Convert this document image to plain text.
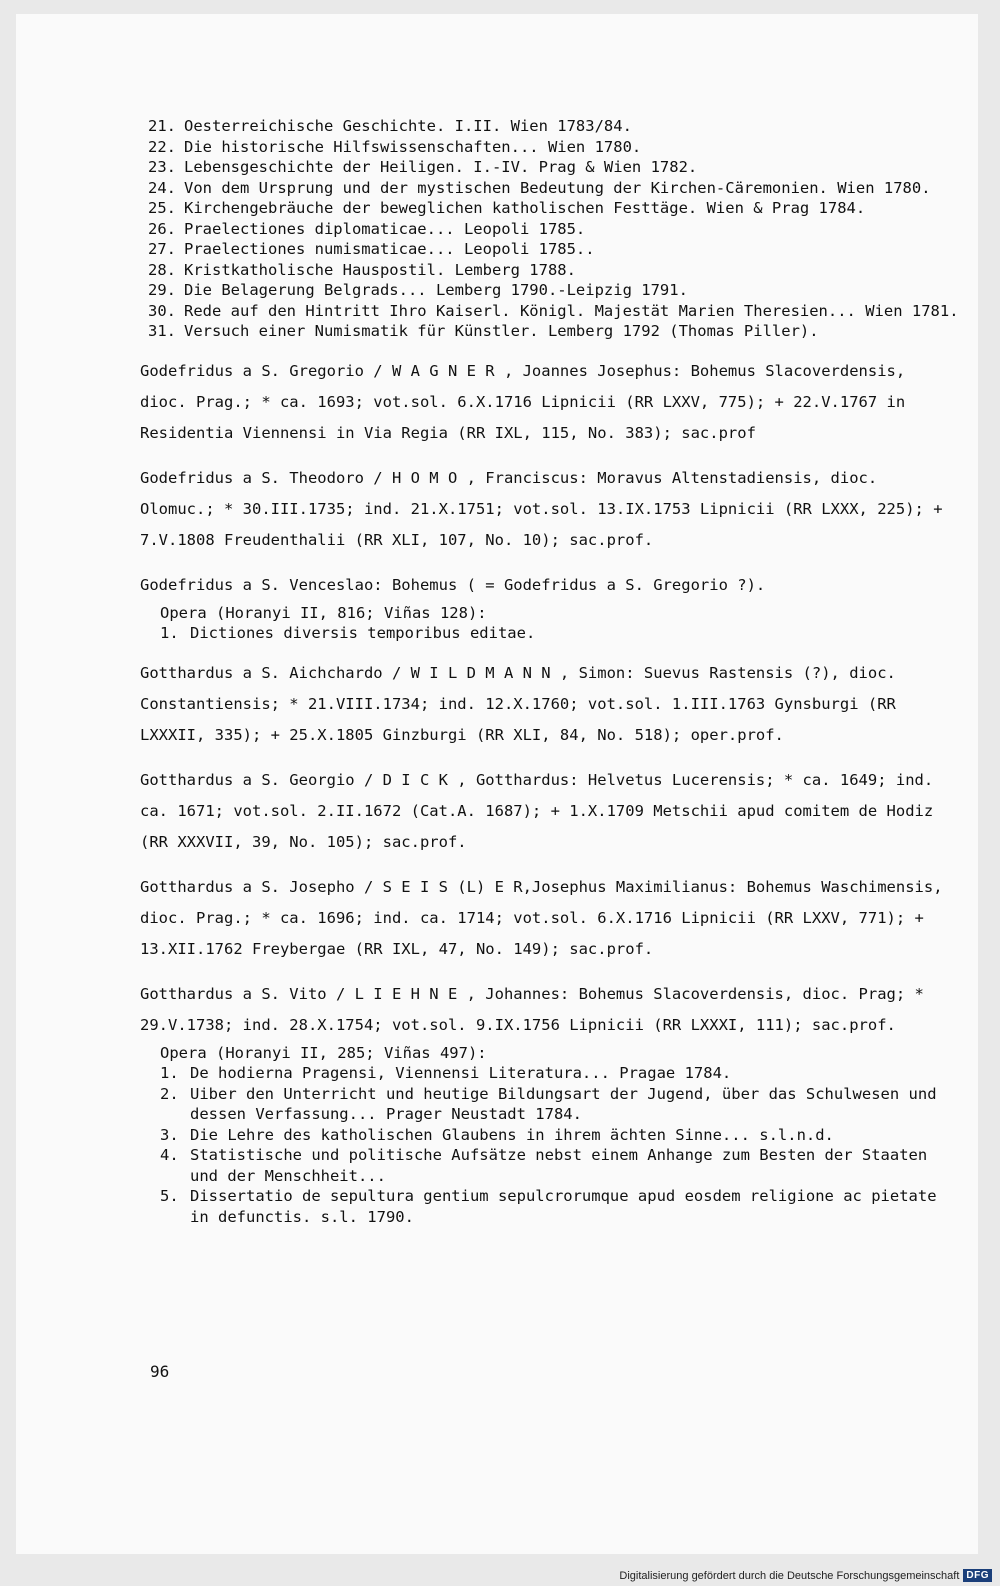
21. Oesterreichische Geschichte. I.II. Wien 1783/84.
22. Die historische Hilfswissenschaften... Wien 1780.
23. Lebensgeschichte der Heiligen. I.-IV. Prag & Wien 1782.
24. Von dem Ursprung und der mystischen Bedeutung der Kirchen-Cäremonien. Wien 1780.
25. Kirchengebräuche der beweglichen katholischen Festtäge. Wien & Prag 1784.
26. Praelectiones diplomaticae... Leopoli 1785.
27. Praelectiones numismaticae... Leopoli 1785..
28. Kristkatholische Hauspostil. Lemberg 1788.
29. Die Belagerung Belgrads... Lemberg 1790.-Leipzig 1791.
30. Rede auf den Hintritt Ihro Kaiserl. Königl. Majestät Marien Theresien... Wien 1781.
31. Versuch einer Numismatik für Künstler. Lemberg 1792 (Thomas Piller).

Godefridus a S. Gregorio / W A G N E R , Joannes Josephus: Bohemus Slacoverdensis, dioc. Prag.; * ca. 1693; vot.sol. 6.X.1716 Lipnicii (RR LXXV, 775); + 22.V.1767 in Residentia Viennensi in Via Regia (RR IXL, 115, No. 383); sac.prof

Godefridus a S. Theodoro / H O M O , Franciscus: Moravus Altenstadiensis, dioc. Olomuc.; * 30.III.1735; ind. 21.X.1751; vot.sol. 13.IX.1753 Lipnicii (RR LXXX, 225); + 7.V.1808 Freudenthalii (RR XLI, 107, No. 10); sac.prof.

Godefridus a S. Venceslao: Bohemus ( = Godefridus a S. Gregorio ?).

Opera (Horanyi II, 816; Viñas 128):
1. Dictiones diversis temporibus editae.

Gotthardus a S. Aichchardo / W I L D M A N N , Simon: Suevus Rastensis (?), dioc. Constantiensis; * 21.VIII.1734; ind. 12.X.1760; vot.sol. 1.III.1763 Gynsburgi (RR LXXXII, 335); + 25.X.1805 Ginzburgi (RR XLI, 84, No. 518); oper.prof.

Gotthardus a S. Georgio / D I C K , Gotthardus: Helvetus Lucerensis; * ca. 1649; ind. ca. 1671; vot.sol. 2.II.1672 (Cat.A. 1687); + 1.X.1709 Metschii apud comitem de Hodiz (RR XXXVII, 39, No. 105); sac.prof.

Gotthardus a S. Josepho / S E I S (L) E R,Josephus Maximilianus: Bohemus Waschimensis, dioc. Prag.; * ca. 1696; ind. ca. 1714; vot.sol. 6.X.1716 Lipnicii (RR LXXV, 771); + 13.XII.1762 Freybergae (RR IXL, 47, No. 149); sac.prof.

Gotthardus a S. Vito / L I E H N E , Johannes: Bohemus Slacoverdensis, dioc. Prag; * 29.V.1738; ind. 28.X.1754; vot.sol. 9.IX.1756 Lipnicii (RR LXXXI, 111); sac.prof.

Opera (Horanyi II, 285; Viñas 497):
1. De hodierna Pragensi, Viennensi Literatura... Pragae 1784.
2. Uiber den Unterricht und heutige Bildungsart der Jugend, über das Schulwesen und dessen Verfassung... Prager Neustadt 1784.
3. Die Lehre des katholischen Glaubens in ihrem ächten Sinne... s.l.n.d.
4. Statistische und politische Aufsätze nebst einem Anhange zum Besten der Staaten und der Menschheit...
5. Dissertatio de sepultura gentium sepulcrorumque apud eosdem religione ac pietate in defunctis. s.l. 1790.
96
Digitalisierung gefördert durch die Deutsche Forschungsgemeinschaft DFG
